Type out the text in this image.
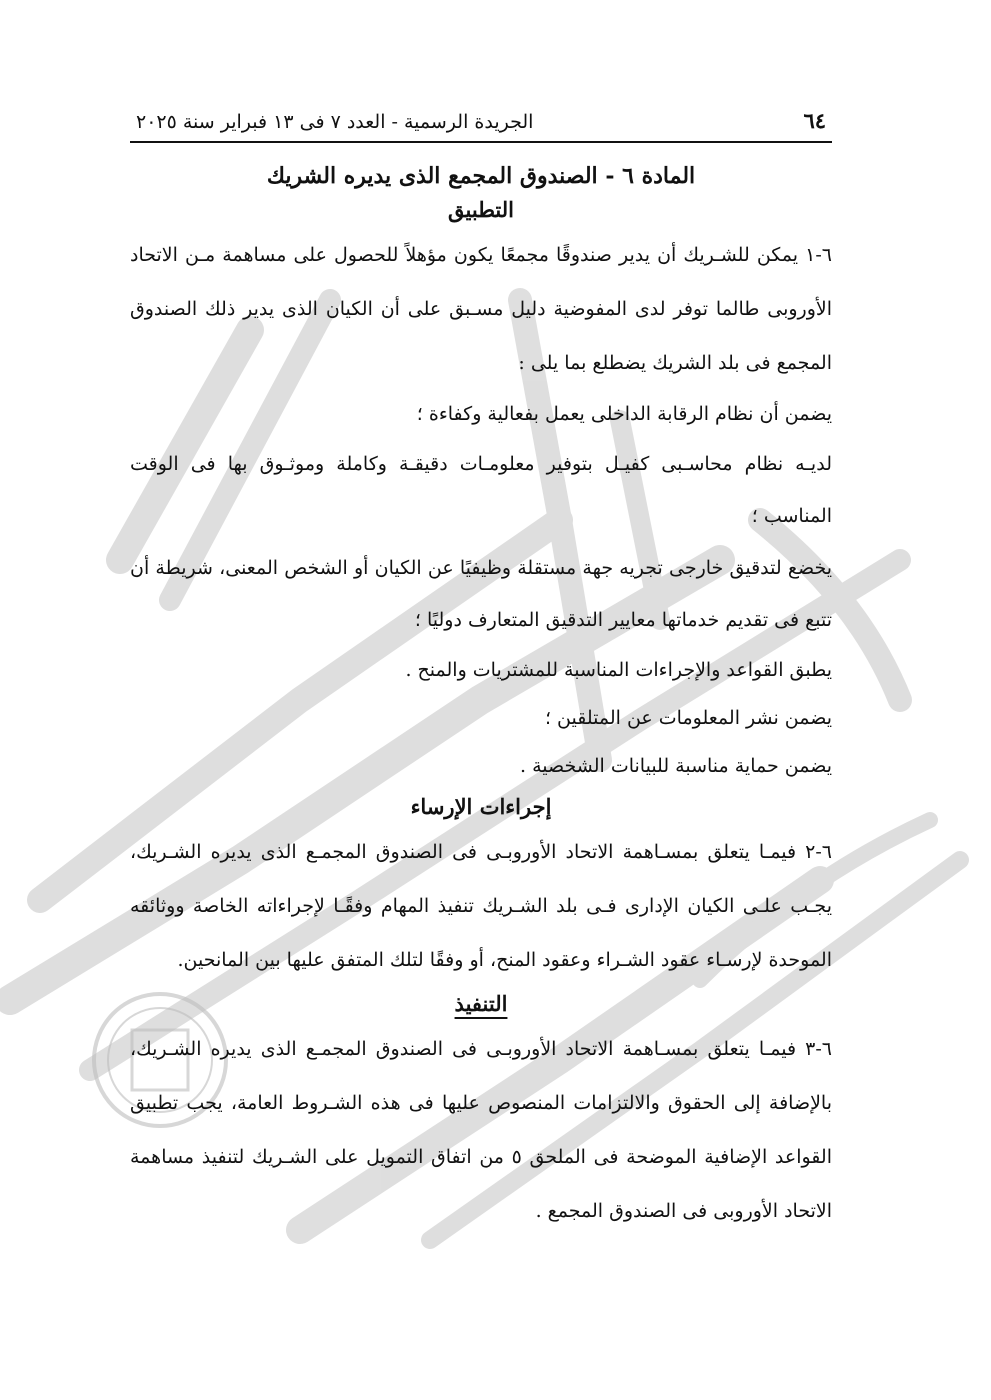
٦٤
الجريدة الرسمية - العدد ٧ فى ١٣ فبراير سنة ٢٠٢٥
المادة ٦ - الصندوق المجمع الذى يديره الشريك
التطبيق

٦-١ يمكن للشـريك أن يدير صندوقًا مجمعًا يكون مؤهلاً للحصول على مساهمة مـن الاتحاد الأوروبى طالما توفر لدى المفوضية دليل مسـبق على أن الكيان الذى يدير ذلك الصندوق المجمع فى بلد الشريك يضطلع بما يلى :

يضمن أن نظام الرقابة الداخلى يعمل بفعالية وكفاءة ؛
لديـه نظام محاسـبى كفيـل بتوفير معلومـات دقيقـة وكاملة وموثـوق بها فى الوقت المناسب ؛
يخضع لتدقيق خارجى تجريه جهة مستقلة وظيفيًا عن الكيان أو الشخص المعنى، شريطة أن تتبع فى تقديم خدماتها معايير التدقيق المتعارف دوليًا ؛
يطبق القواعد والإجراءات المناسبة للمشتريات والمنح .
يضمن نشر المعلومات عن المتلقين ؛
يضمن حماية مناسبة للبيانات الشخصية .
إجراءات الإرساء

٦-٢ فيمـا يتعلق بمسـاهمة الاتحاد الأوروبـى فى الصندوق المجمـع الذى يديره الشـريك، يجـب علـى الكيان الإدارى فـى بلد الشـريك تنفيذ المهام وفقًـا لإجراءاته الخاصة ووثائقه الموحدة لإرسـاء عقود الشـراء وعقود المنح، أو وفقًا لتلك المتفق عليها بين المانحين.

التنفيذ

٦-٣ فيمـا يتعلق بمسـاهمة الاتحاد الأوروبـى فى الصندوق المجمـع الذى يديره الشـريك، بالإضافة إلى الحقوق والالتزامات المنصوص عليها فى هذه الشـروط العامة، يجب تطبيق القواعد الإضافية الموضحة فى الملحق ٥ من اتفاق التمويل على الشـريك لتنفيذ مساهمة الاتحاد الأوروبى فى الصندوق المجمع .
